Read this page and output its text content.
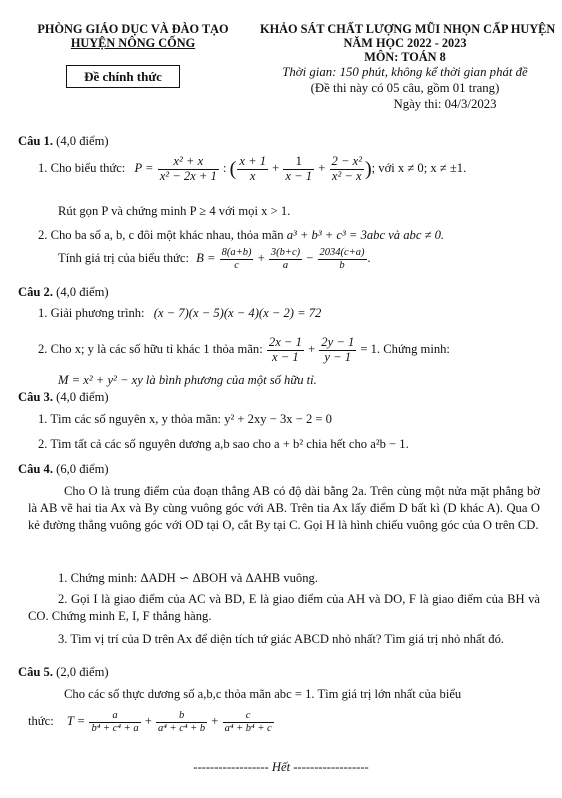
PHÒNG GIÁO DỤC VÀ ĐÀO TẠO
HUYỆN NÔNG CỐNG
Đề chính thức
KHẢO SÁT CHẤT LƯỢNG MŨI NHỌN CẤP HUYỆN
NĂM HỌC 2022 - 2023
MÔN: TOÁN 8
Thời gian: 150 phút, không kể thời gian phát đề
(Đề thi này có 05 câu, gồm 01 trang)
Ngày thi: 04/3/2023
Câu 1. (4,0 điểm)
1. Cho biểu thức: $P = \frac{\text{x² + x}}{\text{x² − 2x + 1}}$ : ( $\frac{x + 1}{x} + \frac{1}{x - 1} + \frac{\text{2 − x²}}{\text{x² − x}}$ ); với x ≠ 0; x ≠ ±1.
Rút gọn P và chứng minh P ≥ 4 với mọi x > 1.
2. Cho ba số a, b, c đôi một khác nhau, thỏa mãn a³ + b³ + c³ = 3abc và abc ≠ 0.
Tính giá trị của biểu thức: $B = \frac{8(a+b)}{c} + \frac{3(b+c)}{a} - \frac{2034(c+a)}{b}$ .
Câu 2. (4,0 điểm)
1. Giải phương trình: (x − 7)(x − 5)(x − 4)(x − 2) = 72
2. Cho x; y là các số hữu tỉ khác 1 thỏa mãn: $\frac{2x - 1}{x - 1} + \frac{2y - 1}{y - 1} = 1$. Chứng minh:
M = x² + y² − xy là bình phương của một số hữu tỉ.
Câu 3. (4,0 điểm)
1. Tìm các số nguyên x, y thỏa mãn: y² + 2xy − 3x − 2 = 0
2. Tìm tất cả các số nguyên dương a,b sao cho a + b² chia hết cho a²b − 1.
Câu 4. (6,0 điểm)
Cho O là trung điểm của đoạn thẳng AB có độ dài bằng 2a. Trên cùng một nửa mặt phẳng bờ là AB vẽ hai tia Ax và By cùng vuông góc với AB. Trên tia Ax lấy điểm D bất kì (D khác A). Qua O kẻ đường thẳng vuông góc với OD tại O, cắt By tại C. Gọi H là hình chiếu vuông góc của O trên CD.
1. Chứng minh: ΔADH ∽ ΔBOH và ΔAHB vuông.
2. Gọi I là giao điểm của AC và BD, E là giao điểm của AH và DO, F là giao điểm của BH và CO. Chứng minh E, I, F thẳng hàng.
3. Tìm vị trí của D trên Ax để diện tích tứ giác ABCD nhỏ nhất? Tìm giá trị nhỏ nhất đó.
Câu 5. (2,0 điểm)
Cho các số thực dương số a,b,c thỏa mãn abc = 1. Tìm giá trị lớn nhất của biểu
thức: $T = \frac{a}{\text{b⁴ + c⁴ + a}} + \frac{b}{\text{a⁴ + c⁴ + b}} + \frac{c}{\text{a⁴ + b⁴ + c}}$
------------------ Hết ------------------
